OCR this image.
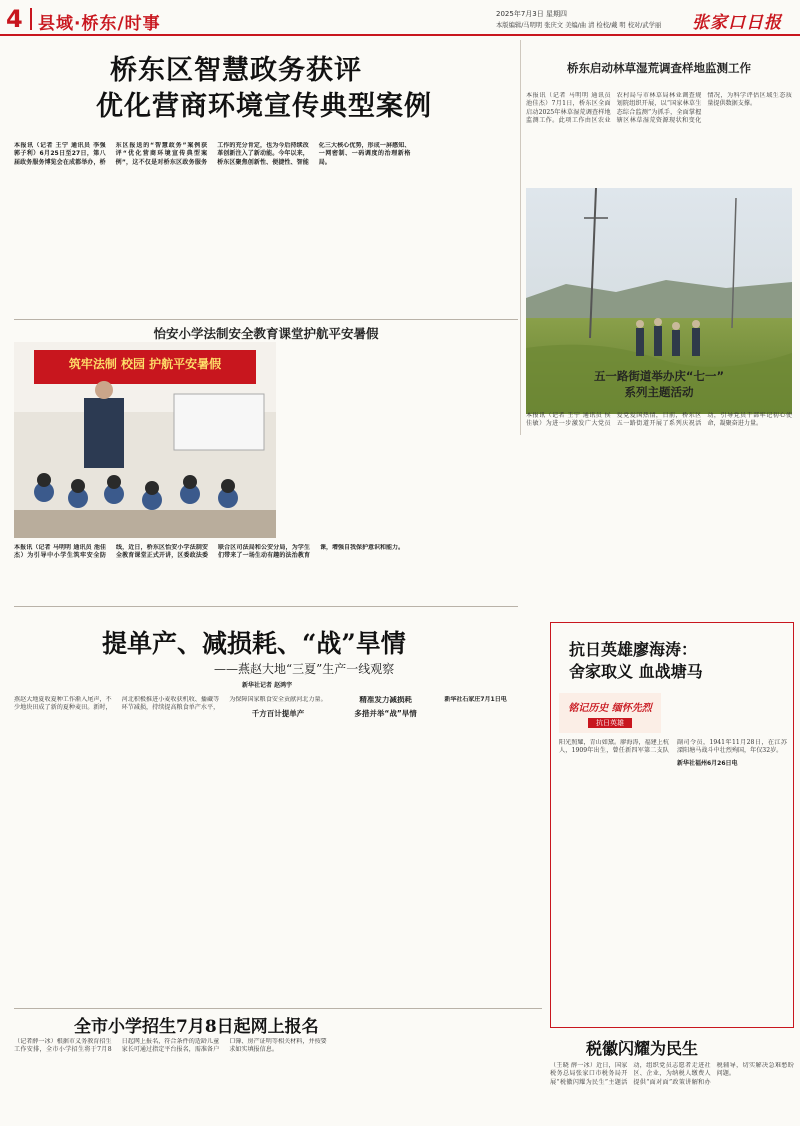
4 县域·桥东/时事	2025年7月3日 星期四
本版编辑/马明明 张庆文 美编/曲 清 检校/戴 明 校对/武学丽 张家口日报
桥东区智慧政务获评
优化营商环境宣传典型案例
本报讯（记者 王宁 通讯员 李强 郭子利）6月25日至27日，第八届政务服务博览会在成都举办，桥东区报送的“智慧政务”案例获评“优化营商环境宣传典型案例”，这不仅是对桥东区政务服务工作的充分肯定，也为今后持续改革创新注入了新动能。今年以来，桥东区聚焦创新性、便捷性、智能化三大核心优势，形成一屏感知、一网密制、一码调度的治理新格局。
桥东启动林草湿荒调查样地监测工作
本报讯（记者 马明明 通讯员 池佳杰）7月1日，桥东区全面启动2025年林草湿荒调查样地监测工作。此项工作由区农业农村局与市林草局林业调查规划院组织开展，以“国家林草生态综合监测”为抓手，全面掌握辖区林草湿荒资源现状和变化情况，为科学评估区域生态质量提供数据支撑。
怡安小学法制安全教育课堂护航平安暑假
筑牢法制 校园 护航平安暑假
本报讯（记者 马明明 通讯员 池佳杰）为引导中小学生筑牢安全防线，近日，桥东区怡安小学法制安全教育课堂正式开讲，区委政法委联合区司法局和公安分局，为学生们带来了一场生动有趣的法治教育课，增强自我保护意识和能力。
五一路街道举办庆“七一”
系列主题活动
本报讯（记者 王宁 通讯员 侯佳敏）为进一步激发广大党员爱党爱国热情，日前，桥东区五一路街道开展了系列庆祝活动，引导党员干部牢记初心使命，凝聚奋进力量。
提单产、减损耗、“战”旱情
——燕赵大地“三夏”生产一线观察
新华社记者 赵鸿宇
燕赵大地夏收夏种工作渐入尾声，不少地块田成了新的夏种麦田。新时，河北积极推进小麦收获机收、播藏等环节减损，持续提高粮食单产水平，为保障国家粮食安全贡献河北力量。
千方百计提单产
精准发力减损耗
多措并举“战”旱情
新华社石家庄7月1日电
抗日英雄廖海涛：
舍家取义 血战塘马
铭记历史 缅怀先烈
抗日英雄
阳光照耀，青山如黛。廖海涛，福建上杭人，1909年出生，曾任新四军第二支队副司令员，1941年11月28日，在江苏溧阳塘马战斗中壮烈殉国，年仅32岁。
新华社福州6月26日电
全市小学招生7月8日起网上报名
（记者薛一冰）根据市义务教育招生工作安排，全市小学招生将于7月8日起网上报名，符合条件的适龄儿童家长可通过指定平台报名，需准备户口簿、房产证明等相关材料，并按要求如实填报信息。	税徽闪耀为民生
（王晓 薛一冰）近日，国家税务总局张家口市税务局开展“税徽闪耀为民生”主题活动，组织党员志愿者走进社区、企业，为纳税人缴费人提供“面对面”政策讲解和办税辅导，切实解决急难愁盼问题。
